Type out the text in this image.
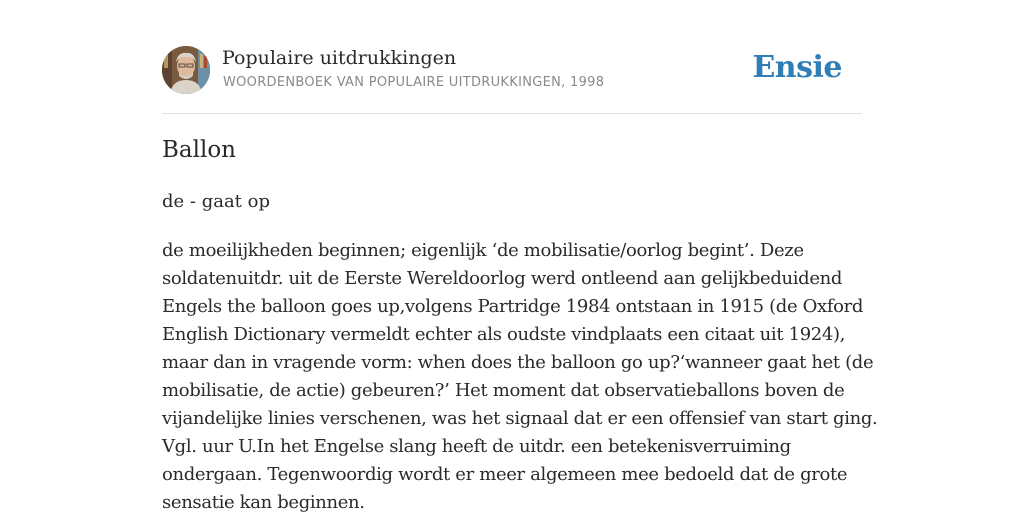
Populaire uitdrukkingen
WOORDENBOEK VAN POPULAIRE UITDRUKKINGEN, 1998	Ensie
Ballon
de - gaat op
de moeilijkheden beginnen; eigenlijk ‘de mobilisatie/oorlog begint’. Deze
soldatenuitdr. uit de Eerste Wereldoorlog werd ontleend aan gelijkbeduidend
Engels the balloon goes up,volgens Partridge 1984 ontstaan in 1915 (de Oxford
English Dictionary vermeldt echter als oudste vindplaats een citaat uit 1924),
maar dan in vragende vorm: when does the balloon go up?‘wanneer gaat het (de
mobilisatie, de actie) gebeuren?’ Het moment dat observatieballons boven de
vijandelijke linies verschenen, was het signaal dat er een offensief van start ging.
Vgl. uur U.In het Engelse slang heeft de uitdr. een betekenisverruiming
ondergaan. Tegenwoordig wordt er meer algemeen mee bedoeld dat de grote
sensatie kan beginnen.
